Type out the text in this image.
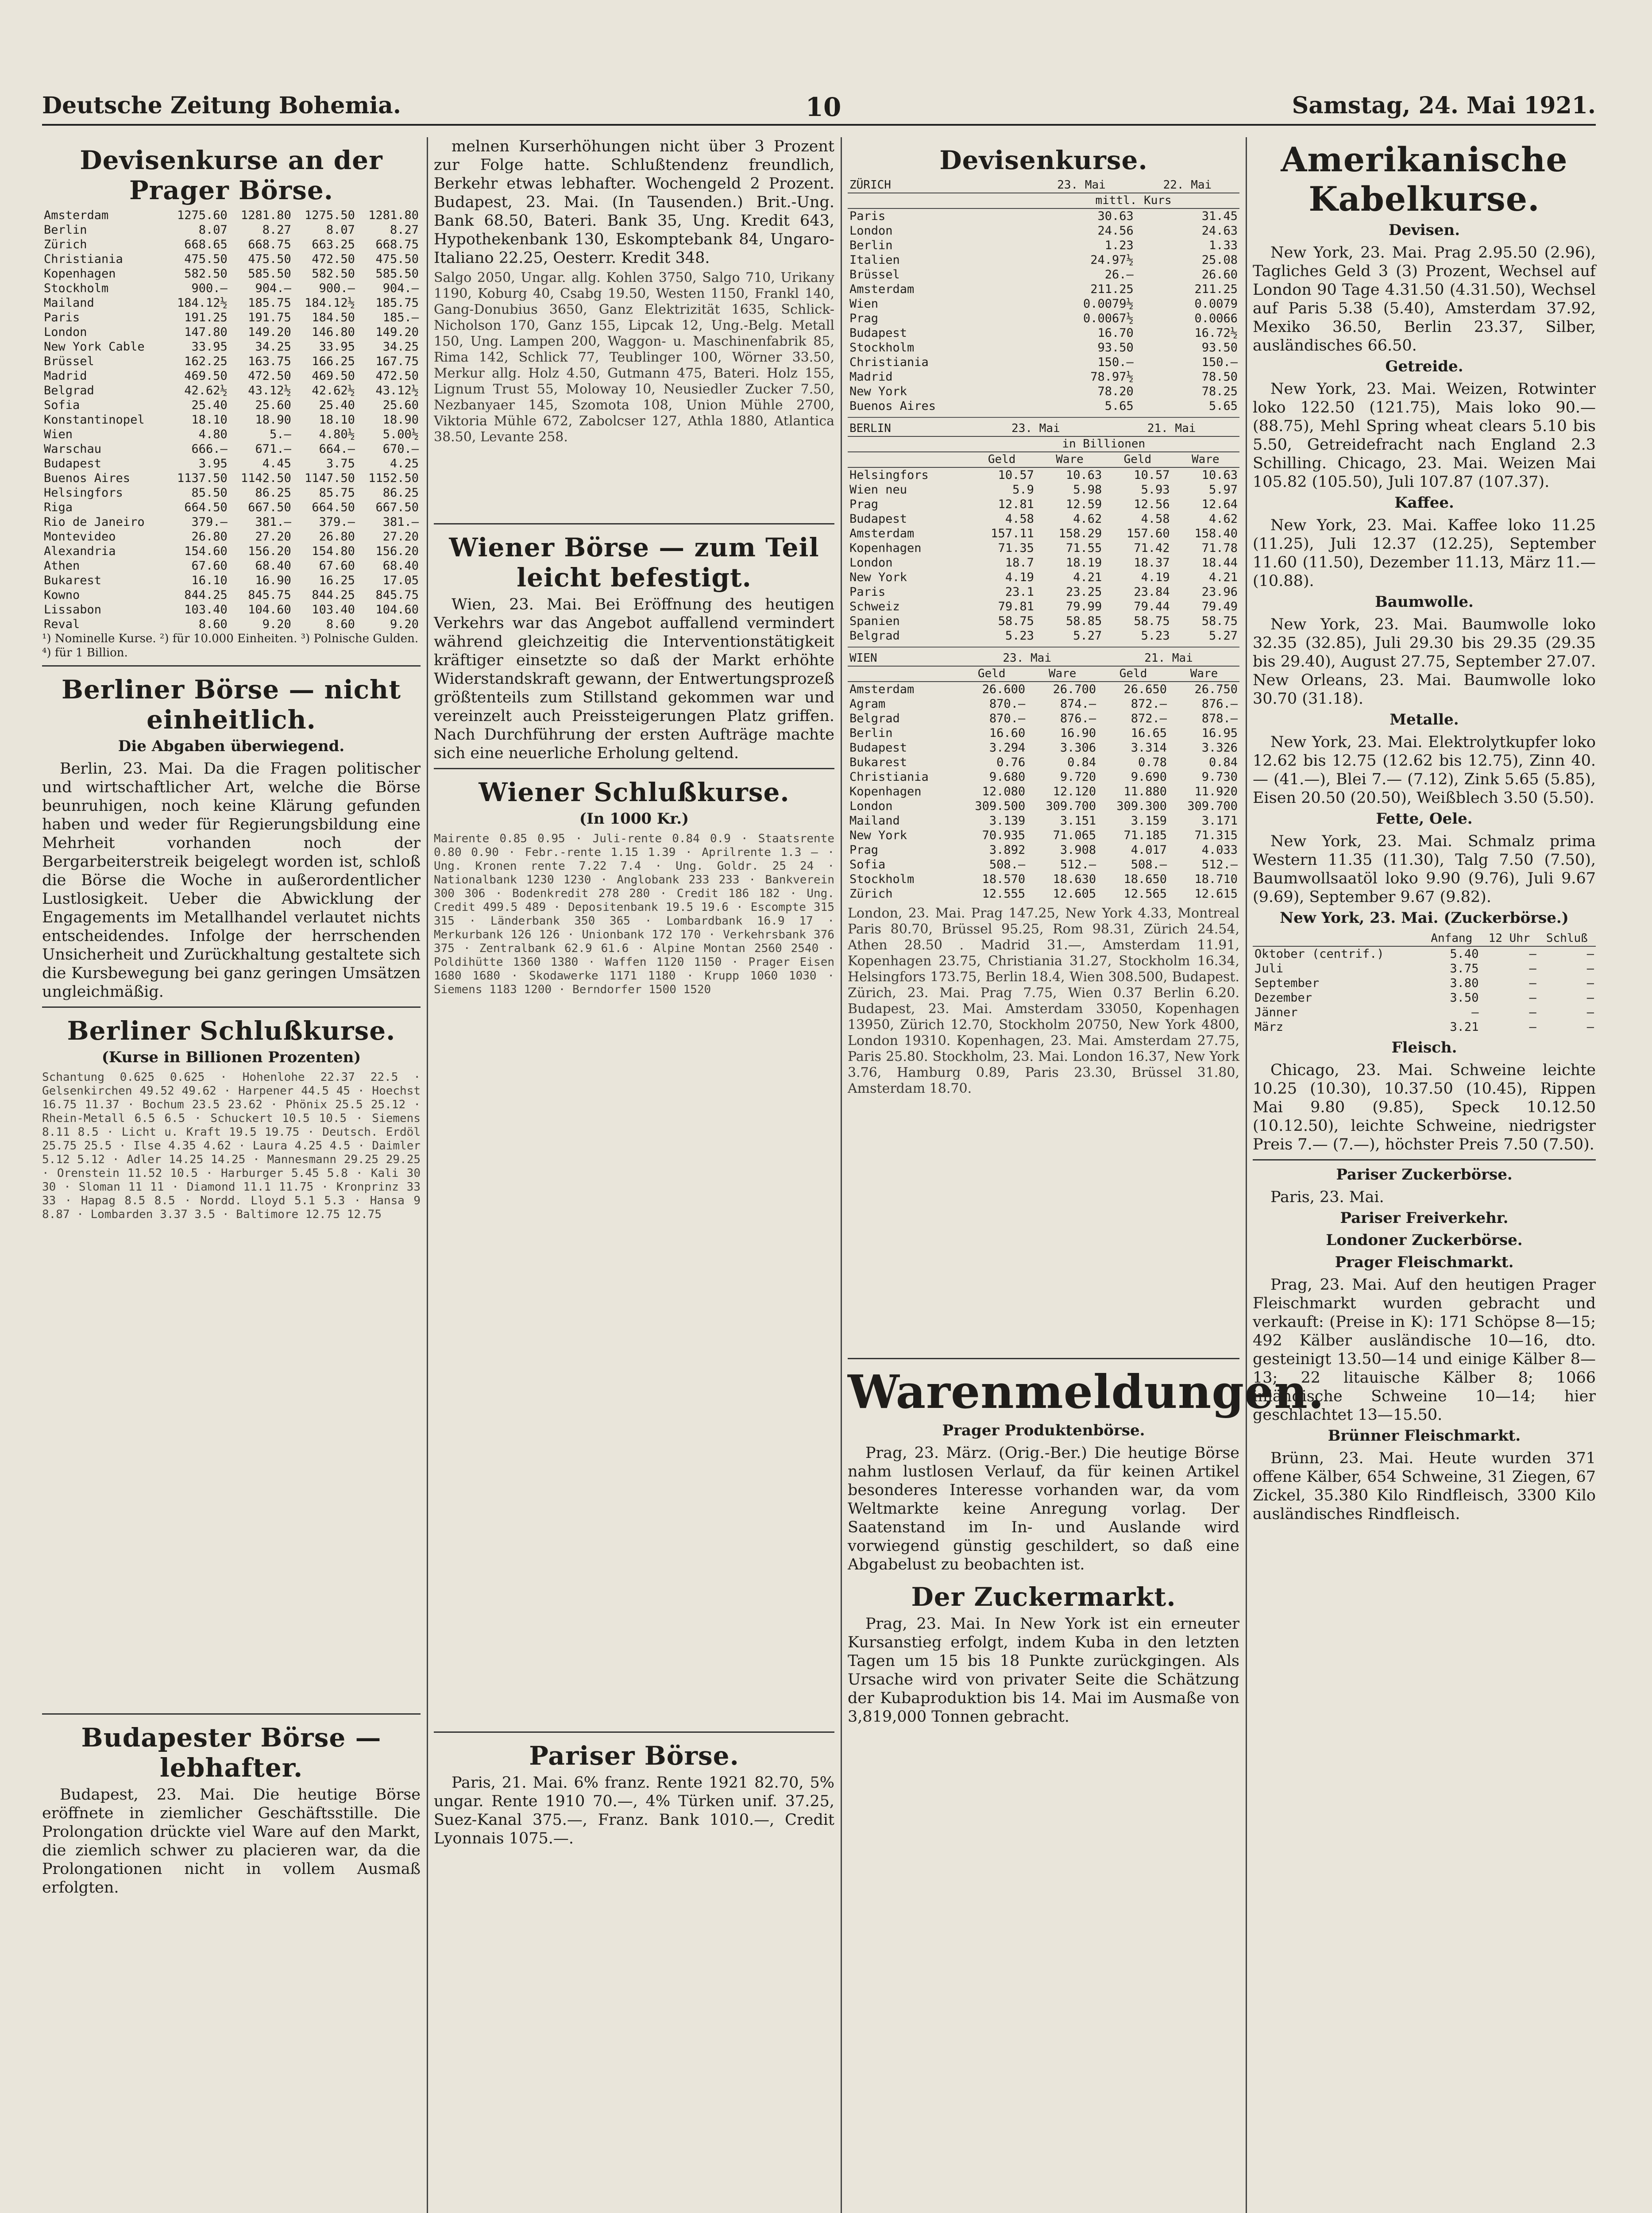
Deutsche Zeitung Bohemia.	10	Samstag, 24. Mai 1921.
Devisenkurse an der Prager Börse.
Amsterdam	1275.60	1281.80	1275.50	1281.80
Berlin	8.07	8.27	8.07	8.27
Zürich	668.65	668.75	663.25	668.75
Christiania	475.50	475.50	472.50	475.50
Kopenhagen	582.50	585.50	582.50	585.50
Stockholm	900.—	904.—	900.—	904.—
Mailand	184.12½	185.75	184.12½	185.75
Paris	191.25	191.75	184.50	185.—
London	147.80	149.20	146.80	149.20
New York Cable	33.95	34.25	33.95	34.25
Brüssel	162.25	163.75	166.25	167.75
Madrid	469.50	472.50	469.50	472.50
Belgrad	42.62½	43.12½	42.62½	43.12½
Sofia	25.40	25.60	25.40	25.60
Konstantinopel	18.10	18.90	18.10	18.90
Wien	4.80	5.—	4.80½	5.00½
Warschau	666.—	671.—	664.—	670.—
Budapest	3.95	4.45	3.75	4.25
Buenos Aires	1137.50	1142.50	1147.50	1152.50
Helsingfors	85.50	86.25	85.75	86.25
Riga	664.50	667.50	664.50	667.50
Rio de Janeiro	379.—	381.—	379.—	381.—
Montevideo	26.80	27.20	26.80	27.20
Alexandria	154.60	156.20	154.80	156.20
Athen	67.60	68.40	67.60	68.40
Bukarest	16.10	16.90	16.25	17.05
Kowno	844.25	845.75	844.25	845.75
Lissabon	103.40	104.60	103.40	104.60
Reval	8.60	9.20	8.60	9.20
¹) Nominelle Kurse. ²) für 10.000 Einheiten. ³) Polnische Gulden. ⁴) für 1 Billion.
Berliner Börse — nicht einheitlich.
Die Abgaben überwiegend.

Berlin, 23. Mai. Da die Fragen politischer und wirtschaftlicher Art, welche die Börse beunruhigen, noch keine Klärung gefunden haben und weder für Regierungsbildung eine Mehrheit vorhanden noch der Bergarbeiterstreik beigelegt worden ist, schloß die Börse die Woche in außerordentlicher Lustlosigkeit. Ueber die Abwicklung der Engagements im Metallhandel verlautet nichts entscheidendes. Infolge der herrschenden Unsicherheit und Zurückhaltung gestaltete sich die Kursbewegung bei ganz geringen Umsätzen ungleichmäßig.

Berliner Schlußkurse.
(Kurse in Billionen Prozenten)
Schantung 0.625 0.625 · Hohenlohe 22.37 22.5 · Gelsenkirchen 49.52 49.62 · Harpener 44.5 45 · Hoechst 16.75 11.37 · Bochum 23.5 23.62 · Phönix 25.5 25.12 · Rhein-Metall 6.5 6.5 · Schuckert 10.5 10.5 · Siemens 8.11 8.5 · Licht u. Kraft 19.5 19.75 · Deutsch. Erdöl 25.75 25.5 · Ilse 4.35 4.62 · Laura 4.25 4.5 · Daimler 5.12 5.12 · Adler 14.25 14.25 · Mannesmann 29.25 29.25 · Orenstein 11.52 10.5 · Harburger 5.45 5.8 · Kali 30 30 · Sloman 11 11 · Diamond 11.1 11.75 · Kronprinz 33 33 · Hapag 8.5 8.5 · Nordd. Lloyd 5.1 5.3 · Hansa 9 8.87 · Lombarden 3.37 3.5 · Baltimore 12.75 12.75
Budapester Börse — lebhafter.

Budapest, 23. Mai. Die heutige Börse eröffnete in ziemlicher Geschäftsstille. Die Prolongation drückte viel Ware auf den Markt, die ziemlich schwer zu placieren war, da die Prolongationen nicht in vollem Ausmaß erfolgten.

melnen Kurserhöhungen nicht über 3 Prozent zur Folge hatte. Schlußtendenz freundlich, Berkehr etwas lebhafter. Wochengeld 2 Prozent. Budapest, 23. Mai. (In Tausenden.) Brit.-Ung. Bank 68.50, Bateri. Bank 35, Ung. Kredit 643, Hypothekenbank 130, Eskomptebank 84, Ungaro-Italiano 22.25, Oesterr. Kredit 348.

Salgo 2050, Ungar. allg. Kohlen 3750, Salgo 710, Urikany 1190, Koburg 40, Csabg 19.50, Westen 1150, Frankl 140, Gang-Donubius 3650, Ganz Elektrizität 1635, Schlick-Nicholson 170, Ganz 155, Lipcak 12, Ung.-Belg. Metall 150, Ung. Lampen 200, Waggon- u. Maschinenfabrik 85, Rima 142, Schlick 77, Teublinger 100, Wörner 33.50, Merkur allg. Holz 4.50, Gutmann 475, Bateri. Holz 155, Lignum Trust 55, Moloway 10, Neusiedler Zucker 7.50, Nezbanyaer 145, Szomota 108, Union Mühle 2700, Viktoria Mühle 672, Zabolcser 127, Athla 1880, Atlantica 38.50, Levante 258.
Wiener Börse — zum Teil leicht befestigt.

Wien, 23. Mai. Bei Eröffnung des heutigen Verkehrs war das Angebot auffallend vermindert während gleichzeitig die Interventionstätigkeit kräftiger einsetzte so daß der Markt erhöhte Widerstandskraft gewann, der Entwertungsprozeß größtenteils zum Stillstand gekommen war und vereinzelt auch Preissteigerungen Platz griffen. Nach Durchführung der ersten Aufträge machte sich eine neuerliche Erholung geltend.

Wiener Schlußkurse.
(In 1000 Kr.)
Mairente 0.85 0.95 · Juli-rente 0.84 0.9 · Staatsrente 0.80 0.90 · Febr.-rente 1.15 1.39 · Aprilrente 1.3 — · Ung. Kronen rente 7.22 7.4 · Ung. Goldr. 25 24 · Nationalbank 1230 1230 · Anglobank 233 233 · Bankverein 300 306 · Bodenkredit 278 280 · Credit 186 182 · Ung. Credit 499.5 489 · Depositenbank 19.5 19.6 · Escompte 315 315 · Länderbank 350 365 · Lombardbank 16.9 17 · Merkurbank 126 126 · Unionbank 172 170 · Verkehrsbank 376 375 · Zentralbank 62.9 61.6 · Alpine Montan 2560 2540 · Poldihütte 1360 1380 · Waffen 1120 1150 · Prager Eisen 1680 1680 · Skodawerke 1171 1180 · Krupp 1060 1030 · Siemens 1183 1200 · Berndorfer 1500 1520
Pariser Börse.

Paris, 21. Mai. 6% franz. Rente 1921 82.70, 5% ungar. Rente 1910 70.—, 4% Türken unif. 37.25, Suez-Kanal 375.—, Franz. Bank 1010.—, Credit Lyonnais 1075.—.

Devisenkurse.
ZÜRICH	23. Mai	22. Mai
	mittl. Kurs	
Paris	30.63	31.45
London	24.56	24.63
Berlin	1.23	1.33
Italien	24.97½	25.08
Brüssel	26.—	26.60
Amsterdam	211.25	211.25
Wien	0.0079½	0.0079
Prag	0.0067½	0.0066
Budapest	16.70	16.72½
Stockholm	93.50	93.50
Christiania	150.—	150.—
Madrid	78.97½	78.50
New York	78.20	78.25
Buenos Aires	5.65	5.65
BERLIN	23. Mai		21. Mai	
	in Billionen			
	Geld	Ware	Geld	Ware
Helsingfors	10.57	10.63	10.57	10.63
Wien neu	5.9	5.98	5.93	5.97
Prag	12.81	12.59	12.56	12.64
Budapest	4.58	4.62	4.58	4.62
Amsterdam	157.11	158.29	157.60	158.40
Kopenhagen	71.35	71.55	71.42	71.78
London	18.7	18.19	18.37	18.44
New York	4.19	4.21	4.19	4.21
Paris	23.1	23.25	23.84	23.96
Schweiz	79.81	79.99	79.44	79.49
Spanien	58.75	58.85	58.75	58.75
Belgrad	5.23	5.27	5.23	5.27
WIEN	23. Mai		21. Mai	
	Geld	Ware	Geld	Ware
Amsterdam	26.600	26.700	26.650	26.750
Agram	870.—	874.—	872.—	876.—
Belgrad	870.—	876.—	872.—	878.—
Berlin	16.60	16.90	16.65	16.95
Budapest	3.294	3.306	3.314	3.326
Bukarest	0.76	0.84	0.78	0.84
Christiania	9.680	9.720	9.690	9.730
Kopenhagen	12.080	12.120	11.880	11.920
London	309.500	309.700	309.300	309.700
Mailand	3.139	3.151	3.159	3.171
New York	70.935	71.065	71.185	71.315
Prag	3.892	3.908	4.017	4.033
Sofia	508.—	512.—	508.—	512.—
Stockholm	18.570	18.630	18.650	18.710
Zürich	12.555	12.605	12.565	12.615
London, 23. Mai. Prag 147.25, New York 4.33, Montreal Paris 80.70, Brüssel 95.25, Rom 98.31, Zürich 24.54, Athen 28.50 . Madrid 31.—, Amsterdam 11.91, Kopenhagen 23.75, Christiania 31.27, Stockholm 16.34, Helsingfors 173.75, Berlin 18.4, Wien 308.500, Budapest. Zürich, 23. Mai. Prag 7.75, Wien 0.37 Berlin 6.20. Budapest, 23. Mai. Amsterdam 33050, Kopenhagen 13950, Zürich 12.70, Stockholm 20750, New York 4800, London 19310. Kopenhagen, 23. Mai. Amsterdam 27.75, Paris 25.80. Stockholm, 23. Mai. London 16.37, New York 3.76, Hamburg 0.89, Paris 23.30, Brüssel 31.80, Amsterdam 18.70.
Warenmeldungen.
Prager Produktenbörse.

Prag, 23. März. (Orig.-Ber.) Die heutige Börse nahm lustlosen Verlauf, da für keinen Artikel besonderes Interesse vorhanden war, da vom Weltmarkte keine Anregung vorlag. Der Saatenstand im In- und Auslande wird vorwiegend günstig geschildert, so daß eine Abgabelust zu beobachten ist.

Der Zuckermarkt.

Prag, 23. Mai. In New York ist ein erneuter Kursanstieg erfolgt, indem Kuba in den letzten Tagen um 15 bis 18 Punkte zurückgingen. Als Ursache wird von privater Seite die Schätzung der Kubaproduktion bis 14. Mai im Ausmaße von 3,819,000 Tonnen gebracht.

Amerikanische Kabelkurse.
Devisen.

New York, 23. Mai. Prag 2.95.50 (2.96), Tagliches Geld 3 (3) Prozent, Wechsel auf London 90 Tage 4.31.50 (4.31.50), Wechsel auf Paris 5.38 (5.40), Amsterdam 37.92, Mexiko 36.50, Berlin 23.37, Silber, ausländisches 66.50.

Getreide.

New York, 23. Mai. Weizen, Rotwinter loko 122.50 (121.75), Mais loko 90.— (88.75), Mehl Spring wheat clears 5.10 bis 5.50, Getreidefracht nach England 2.3 Schilling. Chicago, 23. Mai. Weizen Mai 105.82 (105.50), Juli 107.87 (107.37).

Kaffee.

New York, 23. Mai. Kaffee loko 11.25 (11.25), Juli 12.37 (12.25), September 11.60 (11.50), Dezember 11.13, März 11.— (10.88).

Baumwolle.

New York, 23. Mai. Baumwolle loko 32.35 (32.85), Juli 29.30 bis 29.35 (29.35 bis 29.40), August 27.75, September 27.07. New Orleans, 23. Mai. Baumwolle loko 30.70 (31.18).

Metalle.

New York, 23. Mai. Elektrolytkupfer loko 12.62 bis 12.75 (12.62 bis 12.75), Zinn 40.— (41.—), Blei 7.— (7.12), Zink 5.65 (5.85), Eisen 20.50 (20.50), Weißblech 3.50 (5.50).

Fette, Oele.

New York, 23. Mai. Schmalz prima Western 11.35 (11.30), Talg 7.50 (7.50), Baumwollsaatöl loko 9.90 (9.76), Juli 9.67 (9.69), September 9.67 (9.82).

New York, 23. Mai. (Zuckerbörse.)
	Anfang	12 Uhr	Schluß
Oktober (centrif.)	5.40	—	—
Juli	3.75	—	—
September	3.80	—	—
Dezember	3.50	—	—
Jänner	—	—	—
März	3.21	—	—
Fleisch.

Chicago, 23. Mai. Schweine leichte 10.25 (10.30), 10.37.50 (10.45), Rippen Mai 9.80 (9.85), Speck 10.12.50 (10.12.50), leichte Schweine, niedrigster Preis 7.— (7.—), höchster Preis 7.50 (7.50).

Pariser Zuckerbörse.

Paris, 23. Mai.

Pariser Freiverkehr.
Londoner Zuckerbörse.
Prager Fleischmarkt.

Prag, 23. Mai. Auf den heutigen Prager Fleischmarkt wurden gebracht und verkauft: (Preise in K): 171 Schöpse 8—15; 492 Kälber ausländische 10—16, dto. gesteinigt 13.50—14 und einige Kälber 8—13; 22 litauische Kälber 8; 1066 inländische Schweine 10—14; hier geschlachtet 13—15.50.

Brünner Fleischmarkt.

Brünn, 23. Mai. Heute wurden 371 offene Kälber, 654 Schweine, 31 Ziegen, 67 Zickel, 35.380 Kilo Rindfleisch, 3300 Kilo ausländisches Rindfleisch.
